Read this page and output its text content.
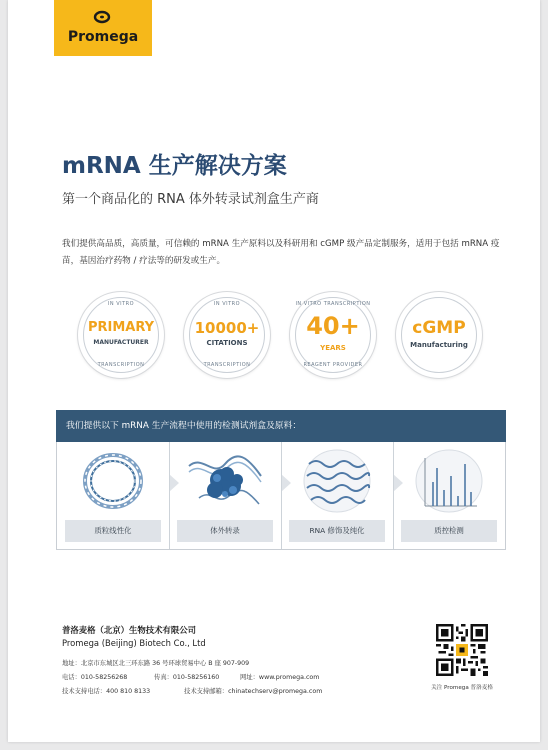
Promega
mRNA 生产解决方案
第一个商品化的 RNA 体外转录试剂盒生产商
我们提供高品质，高质量，可信赖的 mRNA 生产原料以及科研用和 cGMP 级产品定制服务，适用于包括 mRNA 疫苗，基因治疗药物 / 疗法等的研发或生产。
IN VITRO
PRIMARY
MANUFACTURER
TRANSCRIPTION
IN VITRO
10000+
CITATIONS
TRANSCRIPTION
IN VITRO TRANSCRIPTION
40+
YEARS
REAGENT PROVIDER
cGMP
Manufacturing
我们提供以下 mRNA 生产流程中使用的检测试剂盒及原料：
质粒线性化	体外转录	RNA 修饰及纯化	质控检测
普洛麦格（北京）生物技术有限公司
Promega (Beijing) Biotech Co., Ltd
地址：北京市东城区北三环东路 36 号环球贸易中心 B 座 907-909
电话：010-58256268	传真：010-58256160	网址：www.promega.com
技术支持电话：400 810 8133	技术支持邮箱：chinatechserv@promega.com	关注 Promega 普洛麦格
